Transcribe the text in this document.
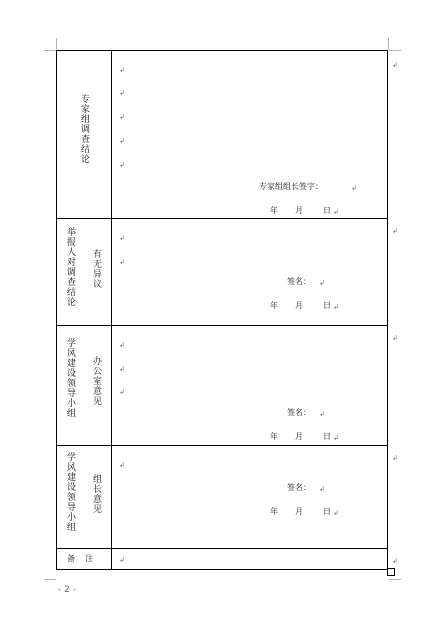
专家组调查结论
↲
↲
↲
↲
↲
专家组组长签字：	↲
年 月	日 ↲
举报人对调查结论 有无异议
↲
↲
签名： ↲
年 月	日 ↲
学风建设领导小组 办公室意见
↲
↲
↲
签名： ↲
年 月	日 ↲
学风建设领导小组 组长意见
↲
签名： ↲
年 月	日 ↲
备    注	↲
↲
↲
↲
↲
↲
- 2 -
